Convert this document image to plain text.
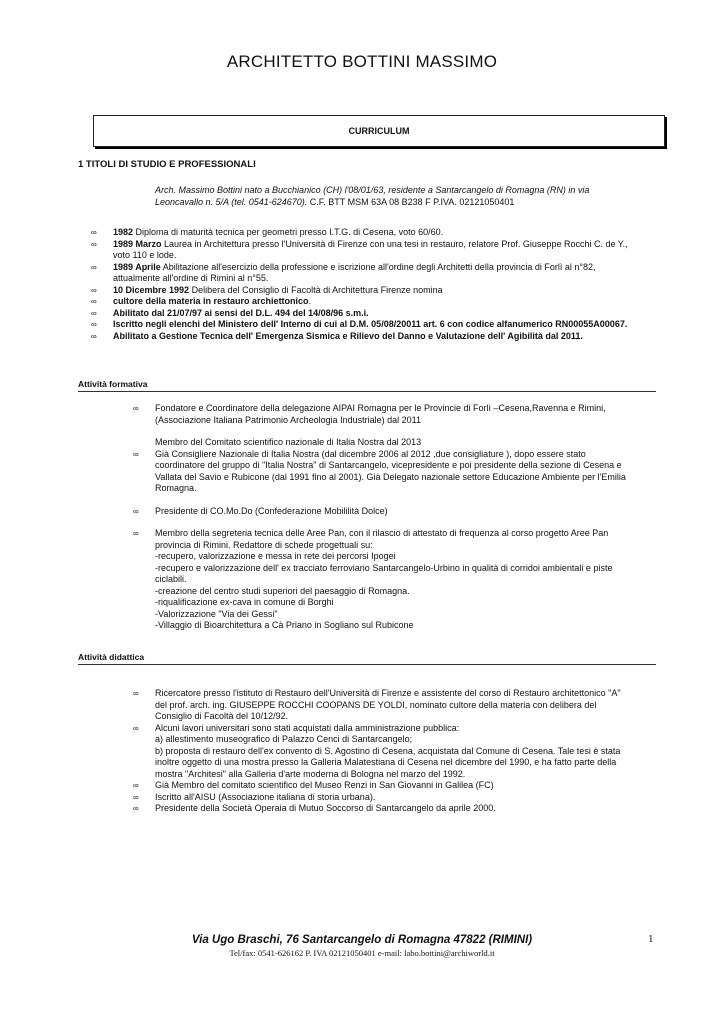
ARCHITETTO BOTTINI MASSIMO
CURRICULUM
1 TITOLI DI STUDIO E PROFESSIONALI
Arch. Massimo Bottini nato a Bucchianico (CH) l'08/01/63, residente a Santarcangelo di Romagna (RN) in via Leoncavallo n. 5/A (tel. 0541-624670). C.F. BTT MSM 63A 08 B238 F P.IVA. 02121050401
∞ 1982 Diploma di maturità tecnica per geometri presso I.T.G. di Cesena, voto 60/60.
∞ 1989 Marzo Laurea in Architettura presso l'Università di Firenze con una tesi in restauro, relatore Prof. Giuseppe Rocchi C. de Y., voto 110 e lode.
∞ 1989 Aprile Abilitazione all'esercizio della professione e iscrizione all'ordine degli Architetti della provincia di Forlì al n°82, attualmente all'ordine di Rimini al n°55.
∞ 10 Dicembre 1992 Delibera del Consiglio di Facoltà di Architettura Firenze nomina
∞ cultore della materia in restauro archiettonico.
∞ Abilitato dal 21/07/97 ai sensi del D.L. 494 del 14/08/96 s.m.i.
∞ Iscritto negli elenchi del Ministero dell' Interno di cui al D.M. 05/08/20011 art. 6 con codice alfanumerico RN00055A00067.
∞ Abilitato a Gestione Tecnica dell' Emergenza Sismica e Rilievo del Danno e Valutazione dell' Agibilità dal 2011.
Attività formativa
∞ Fondatore e Coordinatore della delegazione AIPAI Romagna per le Provincie di Forlì –Cesena,Ravenna e Rimini,(Associazione Italiana Patrimonio Archeologia Industriale) dal 2011
Membro del Comitato scientifico nazionale di Italia Nostra dal 2013
∞ Già Consigliere Nazionale di Italia Nostra (dal dicembre 2006 al 2012 ,due consigliature ), dopo essere stato coordinatore del gruppo di "Italia Nostra" di Santarcangelo, vicepresidente e poi presidente della sezione di Cesena e Vallata del Savio e Rubicone (dal 1991 fino al 2001). Già Delegato nazionale settore Educazione Ambiente per l'Emilia Romagna.
∞ Presidente di CO.Mo.Do (Confederazione Mobililità Dolce)
∞ Membro della segreteria tecnica delle Aree Pan, con il rilascio di attestato di frequenza al corso progetto Aree Pan provincia di Rimini. Redattore di schede progettuali su:
-recupero, valorizzazione e messa in rete dei percorsi Ipogei
-recupero e valorizzazione dell' ex tracciato ferroviario Santarcangelo-Urbino in qualità di corridoi ambientali e piste ciclabili.
-creazione del centro studi superiori del paesaggio di Romagna.
-riqualificazione ex-cava in comune di Borghi
-Valorizzazione "Via dei Gessi"
-Villaggio di Bioarchitettura a Cà Priano in Sogliano sul Rubicone
Attività didattica
∞ Ricercatore presso l'istituto di Restauro dell'Università di Firenze e assistente del corso di Restauro architettonico "A" del prof. arch. ing. GIUSEPPE ROCCHI COOPANS DE YOLDI, nominato cultore della materia con delibera del Consiglio di Facoltà del 10/12/92.
∞ Alcuni lavori universitari sono stati acquistati dalla amministrazione pubblica:
a) allestimento museografico di Palazzo Cenci di Santarcangelo;
b) proposta di restauro dell'ex convento di S. Agostino di Cesena, acquistata dal Comune di Cesena. Tale tesi è stata inoltre oggetto di una mostra presso la Galleria Malatestiana di Cesena nel dicembre del 1990, e ha fatto parte della mostra "Architesi" alla Galleria d'arte moderna di Bologna nel marzo del 1992.
∞ Già Membro del comitato scientifico del Museo Renzi in San Giovanni in Galilea (FC)
∞ Iscritto all'AISU (Associazione italiana di storia urbana).
∞ Presidente della Società Operaia di Mutuo Soccorso di Santarcangelo da aprile 2000.
Via Ugo Braschi, 76 Santarcangelo di Romagna 47822 (RIMINI)
Tel/fax: 0541-626162 P. IVA 02121050401 e-mail: labo.bottini@archiworld.it
1
